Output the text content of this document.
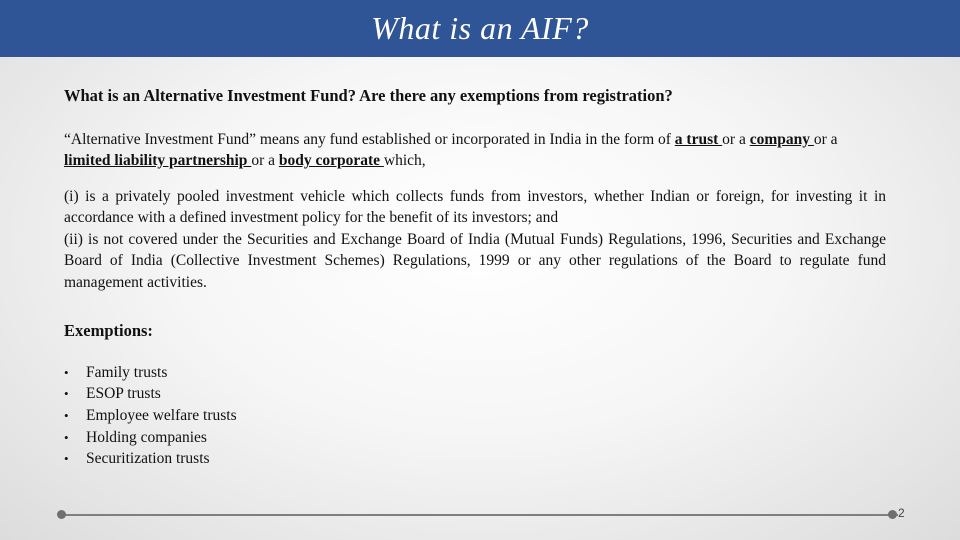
What is an AIF?

What is an Alternative Investment Fund? Are there any exemptions from registration?

“Alternative Investment Fund” means any fund established or incorporated in India in the form of a trust or a company or a limited liability partnership or a body corporate which,

(i) is a privately pooled investment vehicle which collects funds from investors, whether Indian or foreign, for investing it in accordance with a defined investment policy for the benefit of its investors; and
(ii) is not covered under the Securities and Exchange Board of India (Mutual Funds) Regulations, 1996, Securities and Exchange Board of India (Collective Investment Schemes) Regulations, 1999 or any other regulations of the Board to regulate fund management activities.

Exemptions:

•	Family trusts
•	ESOP trusts
•	Employee welfare trusts
•	Holding companies
•	Securitization trusts
2
